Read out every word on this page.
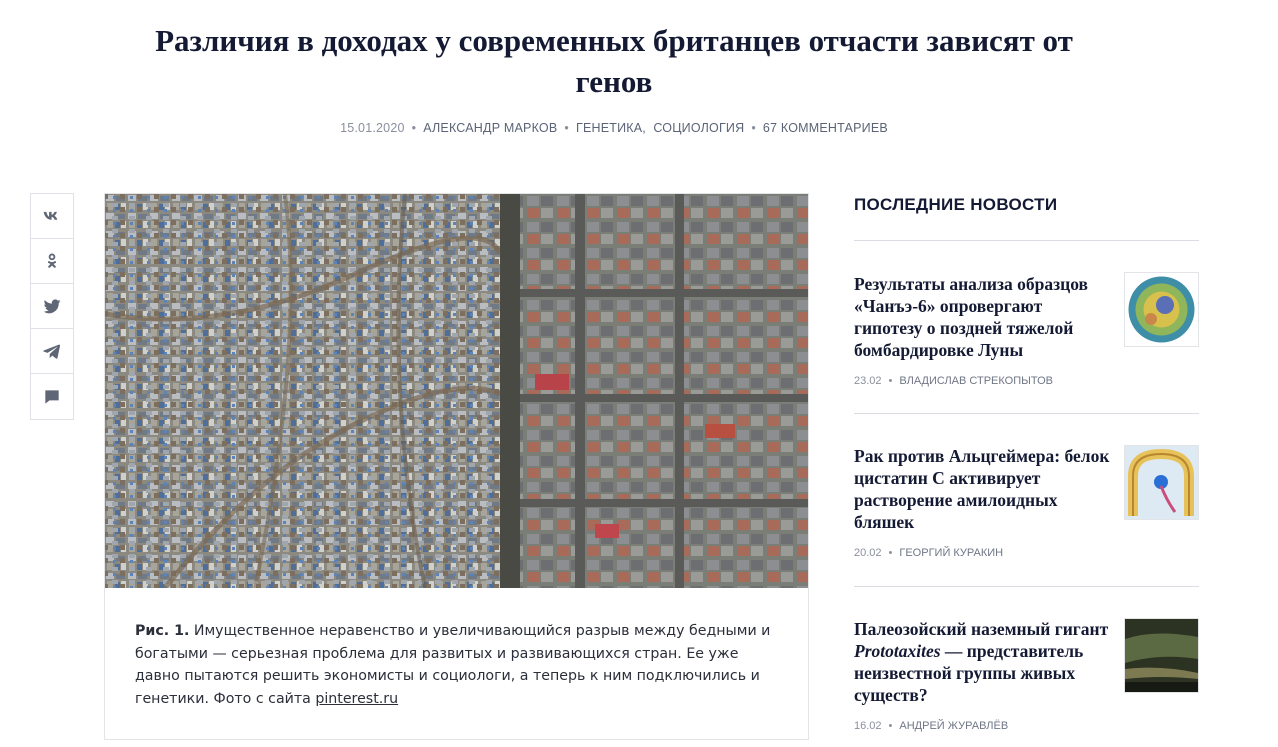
Различия в доходах у современных британцев отчасти зависят от генов
15.01.2020 • АЛЕКСАНДР МАРКОВ • ГЕНЕТИКА, СОЦИОЛОГИЯ • 67 КОММЕНТАРИЕВ
Рис. 1. Имущественное неравенство и увеличивающийся разрыв между бедными и богатыми — серьезная проблема для развитых и развивающихся стран. Ее уже давно пытаются решить экономисты и социологи, а теперь к ним подключились и генетики. Фото с сайта pinterest.ru
ПОСЛЕДНИЕ НОВОСТИ
Результаты анализа образцов «Чанъэ-6» опровергают гипотезу о поздней тяжелой бомбардировке Луны
23.02 • ВЛАДИСЛАВ СТРЕКОПЫТОВ
Рак против Альцгеймера: белок цистатин С активирует растворение амилоидных бляшек
20.02 • ГЕОРГИЙ КУРАКИН
Палеозойский наземный гигант Prototaxites — представитель неизвестной группы живых существ?
16.02 • АНДРЕЙ ЖУРАВЛЁВ
